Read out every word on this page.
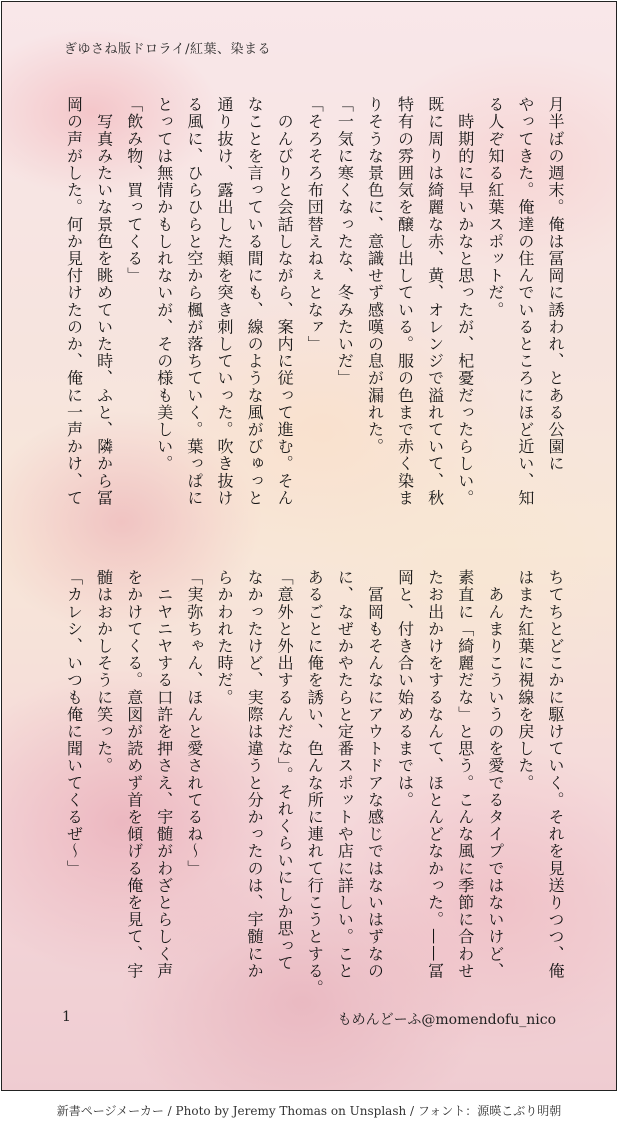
ぎゆさね版ドロライ/紅葉、染まる
月半ばの週末。俺は冨岡に誘われ、とある公園に
やってきた。俺達の住んでいるところにほど近い、知
る人ぞ知る紅葉スポットだ。
　時期的に早いかなと思ったが、杞憂だったらしい。
既に周りは綺麗な赤、黄、オレンジで溢れていて、秋
特有の雰囲気を醸し出している。服の色まで赤く染ま
りそうな景色に、意識せず感嘆の息が漏れた。
「一気に寒くなったな、冬みたいだ」
「そろそろ布団替えねぇとなァ」
　のんびりと会話しながら、案内に従って進む。そん
なことを言っている間にも、線のような風がびゅっと
通り抜け、露出した頬を突き刺していった。吹き抜け
る風に、ひらひらと空から楓が落ちていく。葉っぱに
とっては無情かもしれないが、その様も美しい。
「飲み物、買ってくる」
　写真みたいな景色を眺めていた時、ふと、隣から冨
岡の声がした。何か見付けたのか、俺に一声かけ、て
ちてちとどこかに駆けていく。それを見送りつつ、俺
はまた紅葉に視線を戻した。
　あんまりこういうのを愛でるタイプではないけど、
素直に「綺麗だな」と思う。こんな風に季節に合わせ
たお出かけをするなんて、ほとんどなかった。——冨
岡と、付き合い始めるまでは。
　冨岡もそんなにアウトドアな感じではないはずなの
に、なぜかやたらと定番スポットや店に詳しい。こと
あるごとに俺を誘い、色んな所に連れて行こうとする。
「意外と外出するんだな」。それくらいにしか思って
なかったけど、実際は違うと分かったのは、宇髄にか
らかわれた時だ。
「実弥ちゃん、ほんと愛されてるね～」
　ニヤニヤする口許を押さえ、宇髄がわざとらしく声
をかけてくる。意図が読めず首を傾げる俺を見て、宇
髄はおかしそうに笑った。
「カレシ、いつも俺に聞いてくるぜ～」
1	もめんどーふ@momendofu_nico
新書ページメーカー / Photo by Jeremy Thomas on Unsplash / フォント：源暎こぶり明朝
